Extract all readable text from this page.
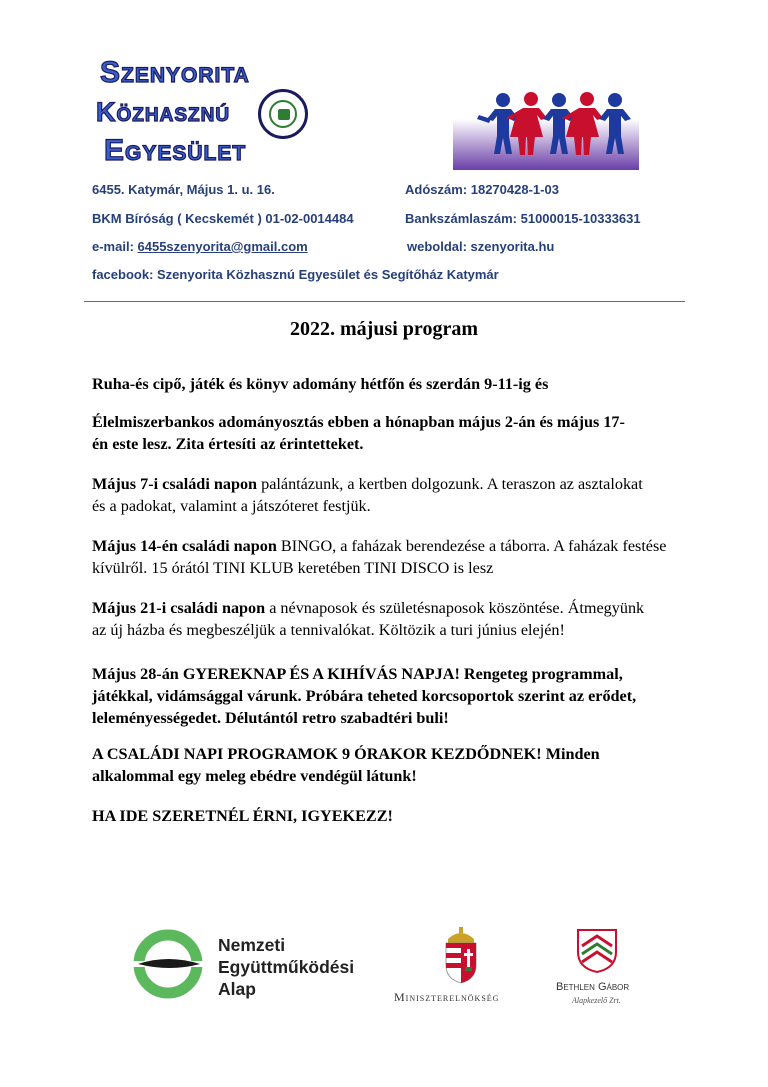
Szenyorita
Közhasznú
Egyesület
6455. Katymár, Május 1. u. 16.	Adószám: 18270428-1-03
BKM Bíróság ( Kecskemét ) 01-02-0014484	Bankszámlaszám: 51000015-10333631
e-mail: 6455szenyorita@gmail.com	weboldal: szenyorita.hu
facebook: Szenyorita Közhasznú Egyesület és Segítőház Katymár
2022. májusi program
Ruha-és cipő, játék és könyv adomány hétfőn és szerdán 9-11-ig és
Élelmiszerbankos adományosztás ebben a hónapban május 2-án és május 17-én este lesz. Zita értesíti az érintetteket.
Május 7-i családi napon palántázunk, a kertben dolgozunk. A teraszon az asztalokat és a padokat, valamint a játszóteret festjük.
Május 14-én családi napon BINGO, a faházak berendezése a táborra. A faházak festése kívülről. 15 órától TINI KLUB keretében TINI DISCO is lesz
Május 21-i családi napon a névnaposok és születésnaposok köszöntése. Átmegyünk az új házba és megbeszéljük a tennivalókat. Költözik a turi június elején!
Május 28-án GYEREKNAP ÉS A KIHÍVÁS NAPJA! Rengeteg programmal, játékkal, vidámsággal várunk. Próbára teheted korcsoportok szerint az erődet, leleményességedet. Délutántól retro szabadtéri buli!
A CSALÁDI NAPI PROGRAMOK 9 ÓRAKOR KEZDŐDNEK! Minden alkalommal egy meleg ebédre vendégül látunk!
HA IDE SZERETNÉL ÉRNI, IGYEKEZZ!
Nemzeti
Együttműködési
Alap	Miniszterelnökség
Bethlen Gábor
Alapkezelő Zrt.
